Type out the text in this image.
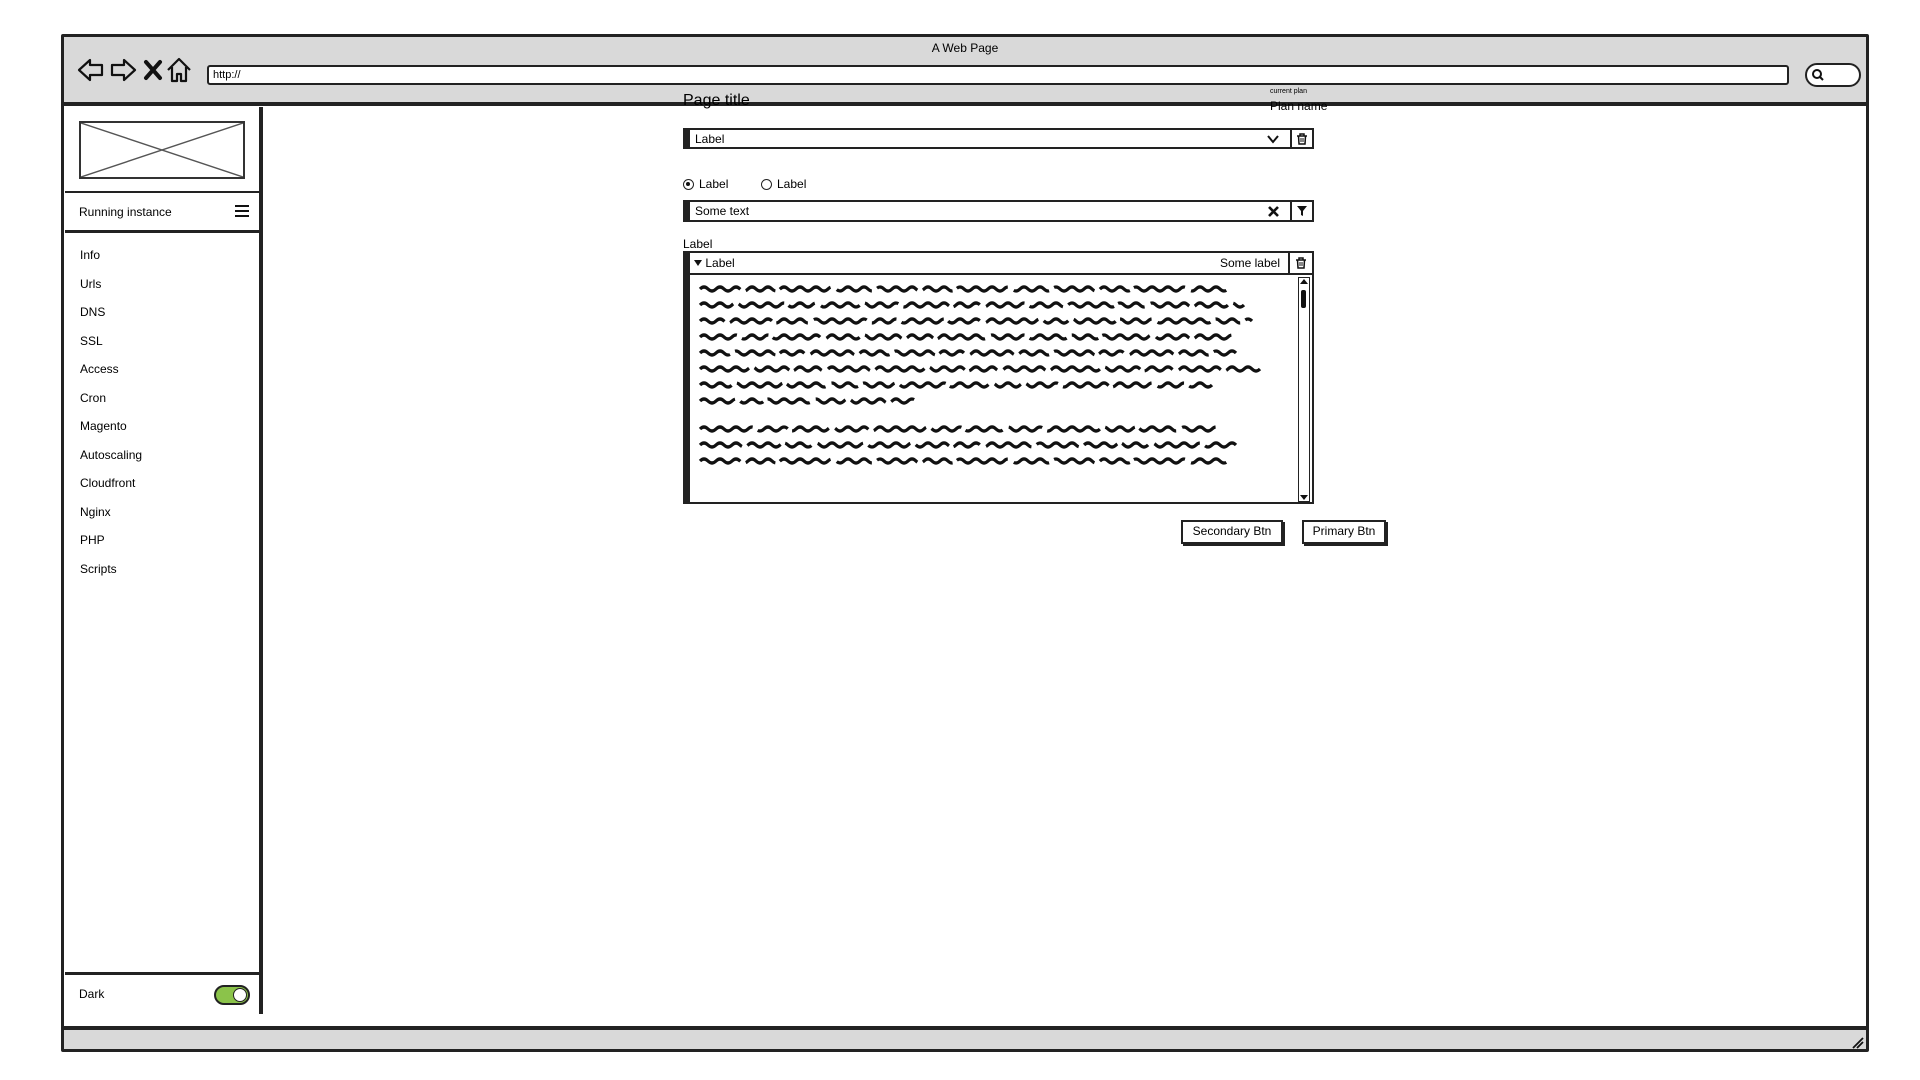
A Web Page
http://
Running instance
Info
Urls
DNS
SSL
Access
Cron
Magento
Autoscaling
Cloudfront
Nginx
PHP
Scripts
Dark
Page title
current plan
Plan name
Label
Label	Label
Some text
Label
Label	Some label
Secondary Btn	Primary Btn
